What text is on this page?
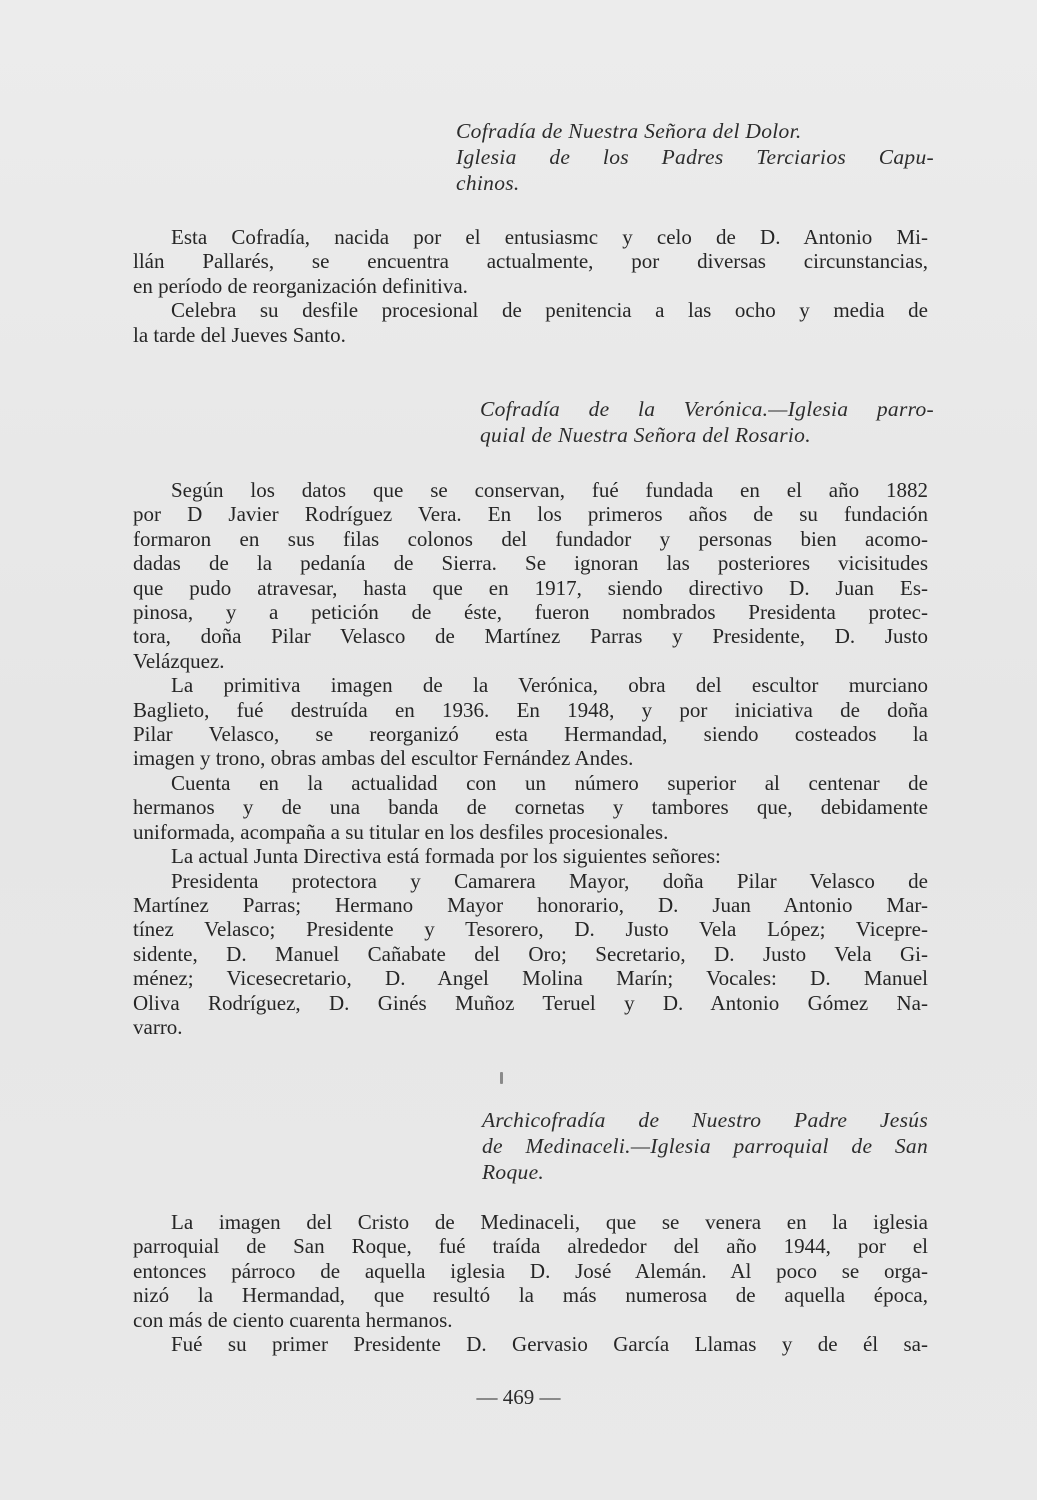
Cofradía de Nuestra Señora del Dolor.
Iglesia de los Padres Terciarios Capu-
chinos.
Esta Cofradía, nacida por el entusiasmc y celo de D. Antonio Mi-
llán Pallarés, se encuentra actualmente, por diversas circunstancias,
en período de reorganización definitiva.
Celebra su desfile procesional de penitencia a las ocho y media de
la tarde del Jueves Santo.
Cofradía de la Verónica.—Iglesia parro-
quial de Nuestra Señora del Rosario.
Según los datos que se conservan, fué fundada en el año 1882
por D Javier Rodríguez Vera. En los primeros años de su fundación
formaron en sus filas colonos del fundador y personas bien acomo-
dadas de la pedanía de Sierra. Se ignoran las posteriores vicisitudes
que pudo atravesar, hasta que en 1917, siendo directivo D. Juan Es-
pinosa, y a petición de éste, fueron nombrados Presidenta protec-
tora, doña Pilar Velasco de Martínez Parras y Presidente, D. Justo
Velázquez.
La primitiva imagen de la Verónica, obra del escultor murciano
Baglieto, fué destruída en 1936. En 1948, y por iniciativa de doña
Pilar Velasco, se reorganizó esta Hermandad, siendo costeados la
imagen y trono, obras ambas del escultor Fernández Andes.
Cuenta en la actualidad con un número superior al centenar de
hermanos y de una banda de cornetas y tambores que, debidamente
uniformada, acompaña a su titular en los desfiles procesionales.
La actual Junta Directiva está formada por los siguientes señores:
Presidenta protectora y Camarera Mayor, doña Pilar Velasco de
Martínez Parras; Hermano Mayor honorario, D. Juan Antonio Mar-
tínez Velasco; Presidente y Tesorero, D. Justo Vela López; Vicepre-
sidente, D. Manuel Cañabate del Oro; Secretario, D. Justo Vela Gi-
ménez; Vicesecretario, D. Angel Molina Marín; Vocales: D. Manuel
Oliva Rodríguez, D. Ginés Muñoz Teruel y D. Antonio Gómez Na-
varro.
Archicofradía de Nuestro Padre Jesús
de Medinaceli.—Iglesia parroquial de San
Roque.
La imagen del Cristo de Medinaceli, que se venera en la iglesia
parroquial de San Roque, fué traída alrededor del año 1944, por el
entonces párroco de aquella iglesia D. José Alemán. Al poco se orga-
nizó la Hermandad, que resultó la más numerosa de aquella época,
con más de ciento cuarenta hermanos.
Fué su primer Presidente D. Gervasio García Llamas y de él sa-
— 469 —
